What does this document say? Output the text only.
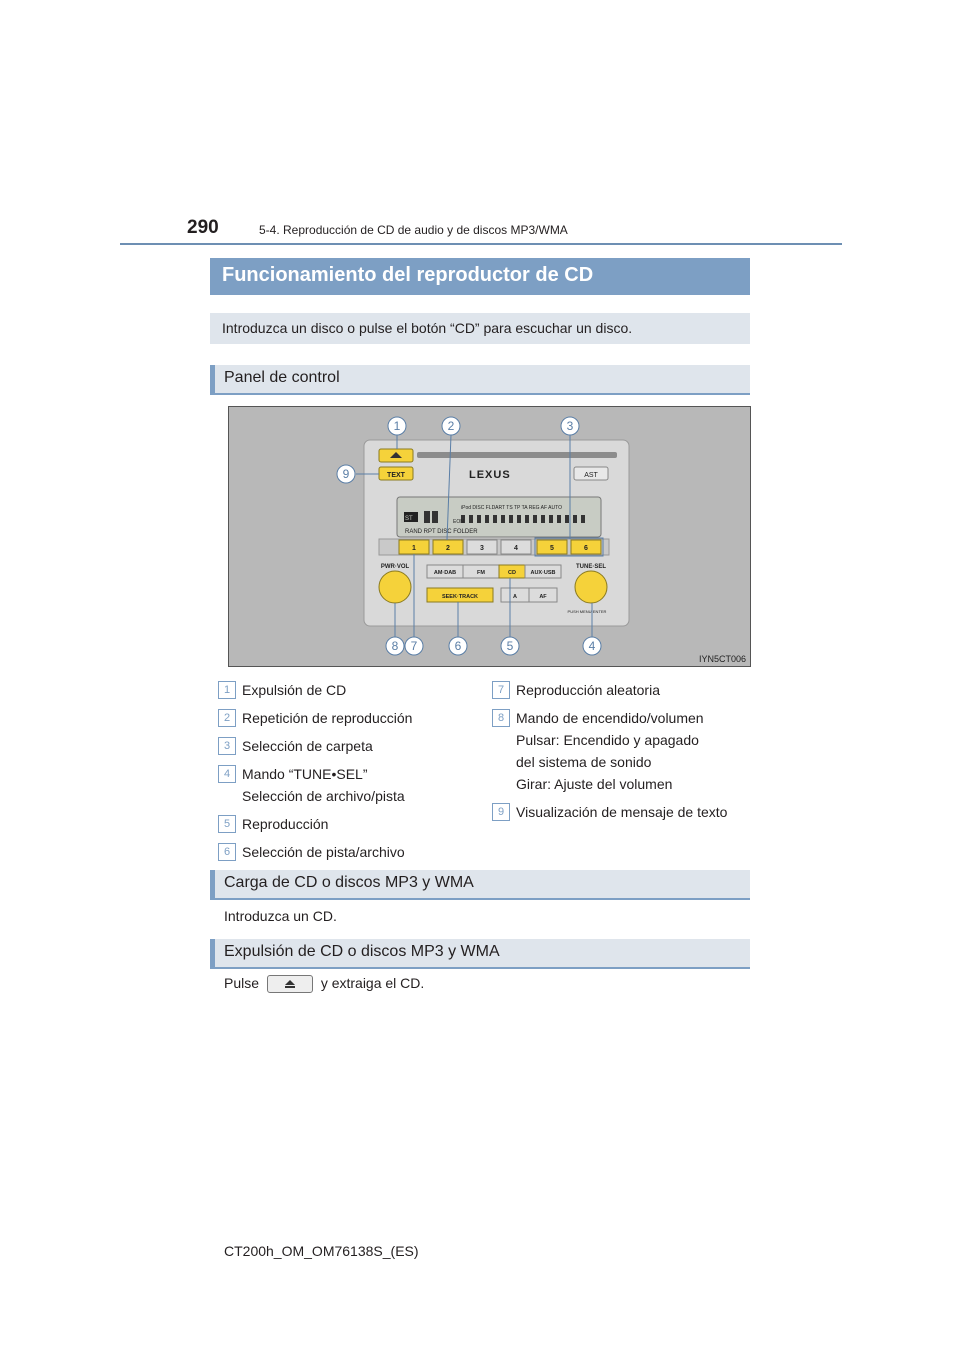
290	5-4. Reproducción de CD de audio y de discos MP3/WMA
Funcionamiento del reproductor de CD
Introduzca un disco o pulse el botón “CD” para escuchar un disco.
Panel de control
TEXT	LEXUS	AST
iPod DISC FLDART TS TP TA REG AF AUTO
ST	EON
RAND RPT DISC FOLDER
1	2	3	4	5	6
PWR·VOL	TUNE·SEL
PUSH MENU·ENTER
AM·DAB	FM	CD	AUX·USB
SEEK·TRACK	A	AF
1	2	3
4
5
6
7
8
9
IYN5CT006
1 Expulsión de CD
2 Repetición de reproducción
3 Selección de carpeta
4 Mando “TUNE•SEL”
Selección de archivo/pista
5 Reproducción
6 Selección de pista/archivo
7 Reproducción aleatoria
8 Mando de encendido/volumen
Pulsar: Encendido y apagado
del sistema de sonido
Girar: Ajuste del volumen
9 Visualización de mensaje de texto
Carga de CD o discos MP3 y WMA
Introduzca un CD.
Expulsión de CD o discos MP3 y WMA
Pulse	y extraiga el CD.
CT200h_OM_OM76138S_(ES)
